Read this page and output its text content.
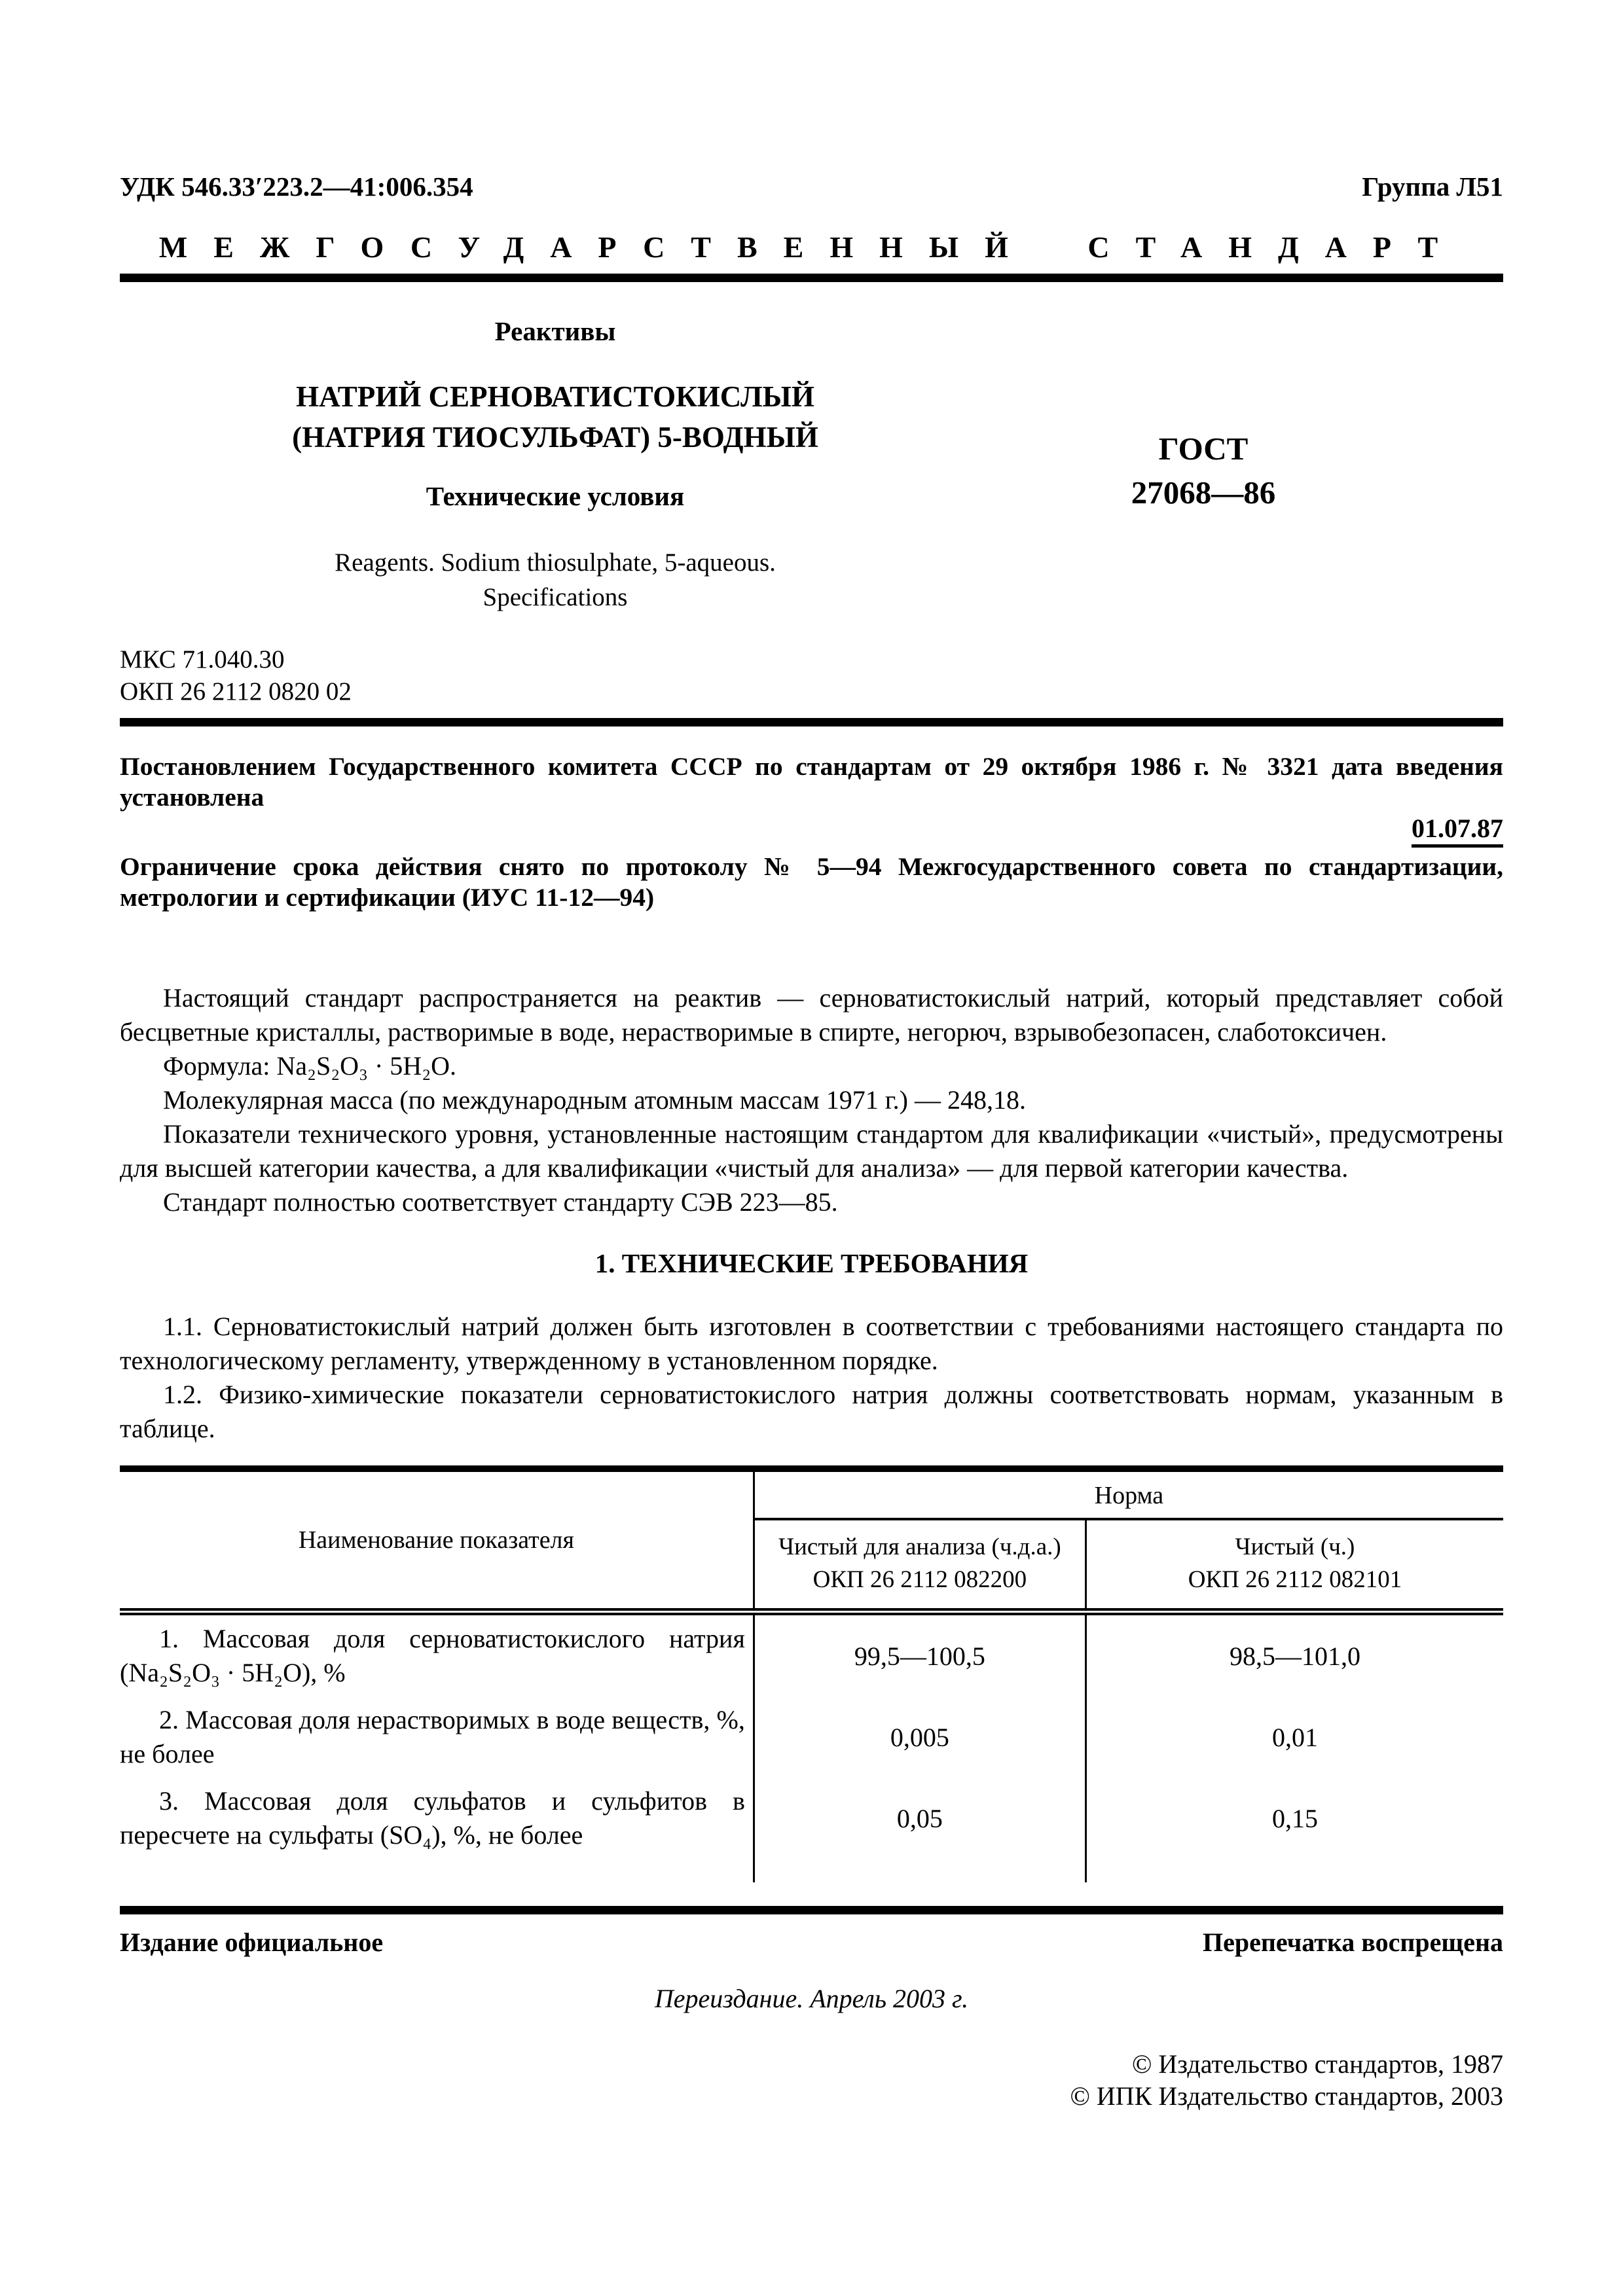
УДК 546.33′223.2—41:006.354	Группа Л51
МЕЖГОСУДАРСТВЕННЫЙ СТАНДАРТ
Реактивы
НАТРИЙ СЕРНОВАТИСТОКИСЛЫЙ
(НАТРИЯ ТИОСУЛЬФАТ) 5-ВОДНЫЙ
Технические условия
Reagents. Sodium thiosulphate, 5-aqueous.
Specifications
ГОСТ
27068—86
МКС 71.040.30
ОКП 26 2112 0820 02
Постановлением Государственного комитета СССР по стандартам от 29 октября 1986 г. № 3321 дата введения установлена
01.07.87
Ограничение срока действия снято по протоколу № 5—94 Межгосударственного совета по стандартизации, метрологии и сертификации (ИУС 11-12—94)

Настоящий стандарт распространяется на реактив — серноватистокислый натрий, который представляет собой бесцветные кристаллы, растворимые в воде, нерастворимые в спирте, негорюч, взрывобезопасен, слаботоксичен.

Формула: Na₂S₂O₃ · 5H₂O.

Молекулярная масса (по международным атомным массам 1971 г.) — 248,18.

Показатели технического уровня, установленные настоящим стандартом для квалификации «чистый», предусмотрены для высшей категории качества, а для квалификации «чистый для анализа» — для первой категории качества.

Стандарт полностью соответствует стандарту СЭВ 223—85.

1. ТЕХНИЧЕСКИЕ ТРЕБОВАНИЯ

1.1. Серноватистокислый натрий должен быть изготовлен в соответствии с требованиями настоящего стандарта по технологическому регламенту, утвержденному в установленном порядке.

1.2. Физико-химические показатели серноватистокислого натрия должны соответствовать нормам, указанным в таблице.

Наименование показателя
Норма
Чистый для анализа (ч.д.а.)
ОКП 26 2112 082200
Чистый (ч.)
ОКП 26 2112 082101
1. Массовая доля серноватистокислого натрия (Na₂S₂O₃ · 5H₂O), %
99,5—100,5	98,5—101,0
2. Массовая доля нерастворимых в воде веществ, %, не более
0,005	0,01
3. Массовая доля сульфатов и сульфитов в пересчете на сульфаты (SO₄), %, не более
0,05	0,15
Издание официальное	Перепечатка воспрещена
Переиздание. Апрель 2003 г.
© Издательство стандартов, 1987
© ИПК Издательство стандартов, 2003
